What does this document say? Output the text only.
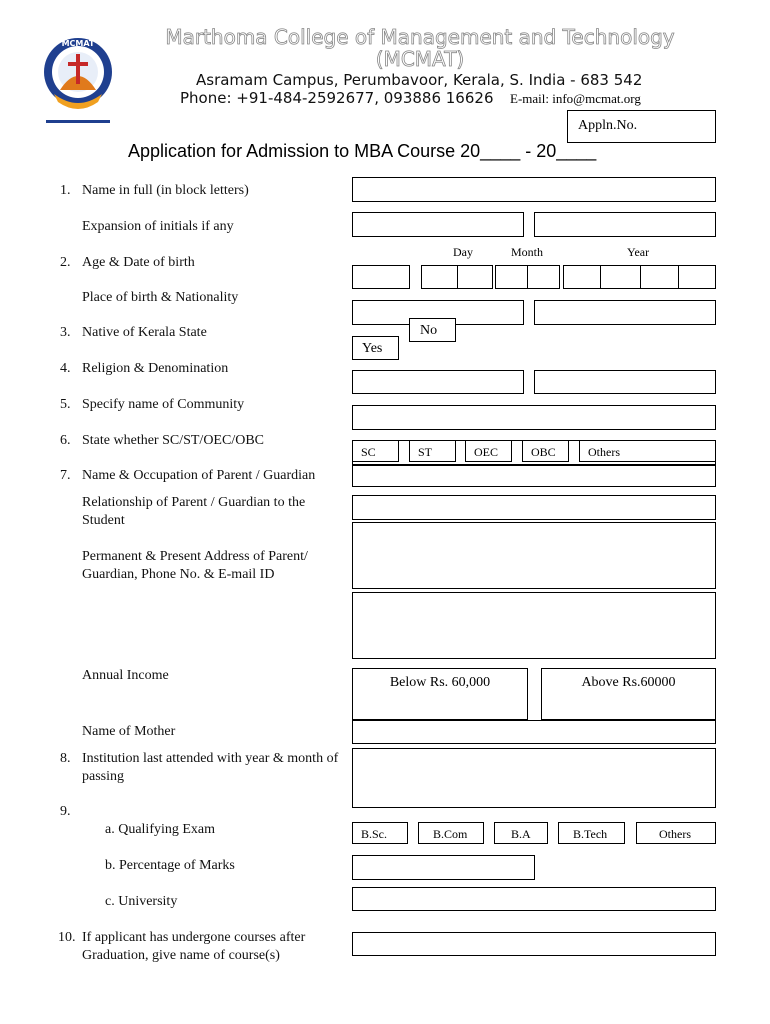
MCMAT	Marthoma College of Management and Technology
(MCMAT)
Asramam Campus, Perumbavoor, Kerala, S. India - 683 542
Phone: +91-484-2592677, 093886 16626 E-mail: info@mcmat.org
Appln.No.
Application for Admission to MBA Course 20____ - 20____
1. Name in full (in block letters)
Expansion of initials if any
Day	Month	Year
2. Age & Date of birth
Place of birth & Nationality
3. Native of Kerala State	No
Yes
4. Religion & Denomination
5. Specify name of Community
6. State whether SC/ST/OEC/OBC
SC	ST	OEC	OBC	Others
7. Name & Occupation of Parent / Guardian
Relationship of Parent / Guardian to the Student
Permanent & Present Address of Parent/ Guardian, Phone No. & E-mail ID
Annual Income	Below Rs. 60,000	Above Rs.60000
Name of Mother
8. Institution last attended with year & month of passing
9.
a. Qualifying Exam	B.Sc.	B.Com	B.A	B.Tech	Others
b. Percentage of Marks
c. University
10. If applicant has undergone courses after Graduation, give name of course(s)
